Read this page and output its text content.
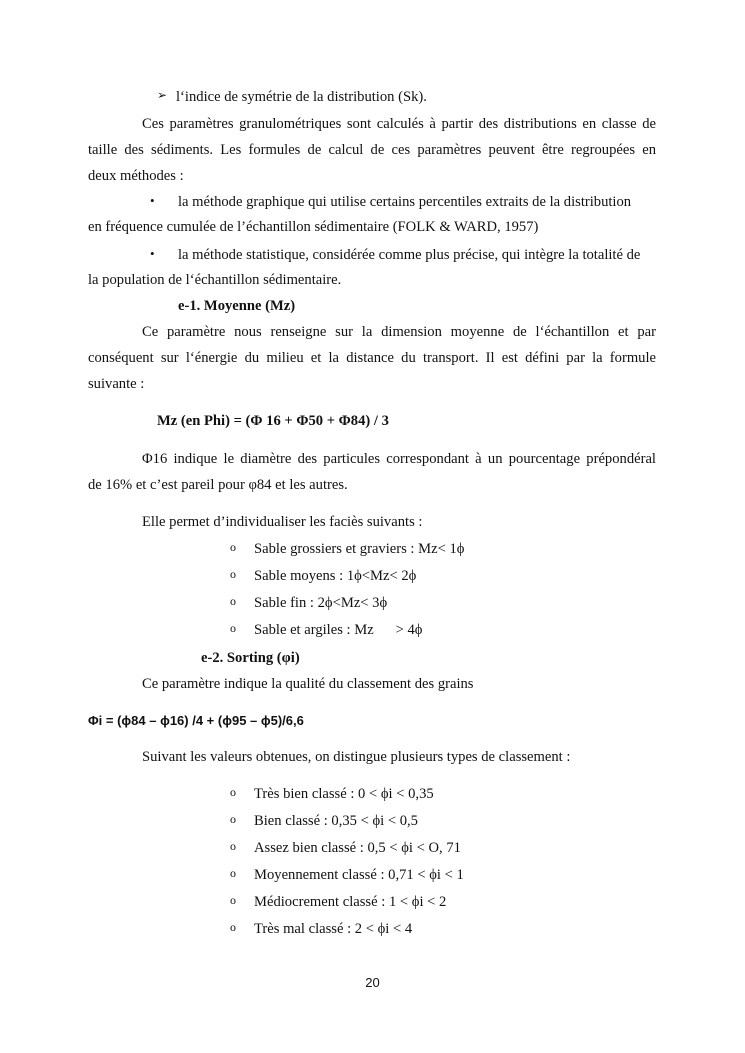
➢ l‘indice de symétrie de la distribution (Sk).
Ces paramètres granulométriques sont calculés à partir des distributions en classe de
taille des sédiments. Les formules de calcul de ces paramètres peuvent être regroupées en
deux méthodes :
• la méthode graphique qui utilise certains percentiles extraits de la distribution
en fréquence cumulée de l’échantillon sédimentaire (FOLK & WARD, 1957)
• la méthode statistique, considérée comme plus précise, qui intègre la totalité de
la population de l‘échantillon sédimentaire.
e-1. Moyenne (Mz)
Ce paramètre nous renseigne sur la dimension moyenne de l‘échantillon et par
conséquent sur l‘énergie du milieu et la distance du transport. Il est défini par la formule
suivante :
Mz (en Phi) = (Φ 16 + Φ50 + Φ84) / 3
Φ16 indique le diamètre des particules correspondant à un pourcentage prépondéral
de 16% et c’est pareil pour φ84 et les autres.
Elle permet d’individualiser les faciès suivants :
o Sable grossiers et graviers : Mz< 1ϕ
o Sable moyens : 1ϕ<Mz< 2ϕ
o Sable fin : 2ϕ<Mz< 3ϕ
o Sable et argiles : Mz      > 4ϕ
e-2. Sorting (φi)
Ce paramètre indique la qualité du classement des grains
Φi = (ϕ84 – ϕ16) /4 + (ϕ95 – ϕ5)/6,6
Suivant les valeurs obtenues, on distingue plusieurs types de classement :
o Très bien classé : 0 ˂ ϕi ˂ 0,35
o Bien classé : 0,35 ˂ ϕi ˂ 0,5
o Assez bien classé : 0,5 ˂ ϕi ˂ O, 71
o Moyennement classé : 0,71 ˂ ϕi ˂ 1
o Médiocrement classé : 1 ˂ ϕi ˂ 2
o Très mal classé : 2 ˂ ϕi ˂ 4
20
